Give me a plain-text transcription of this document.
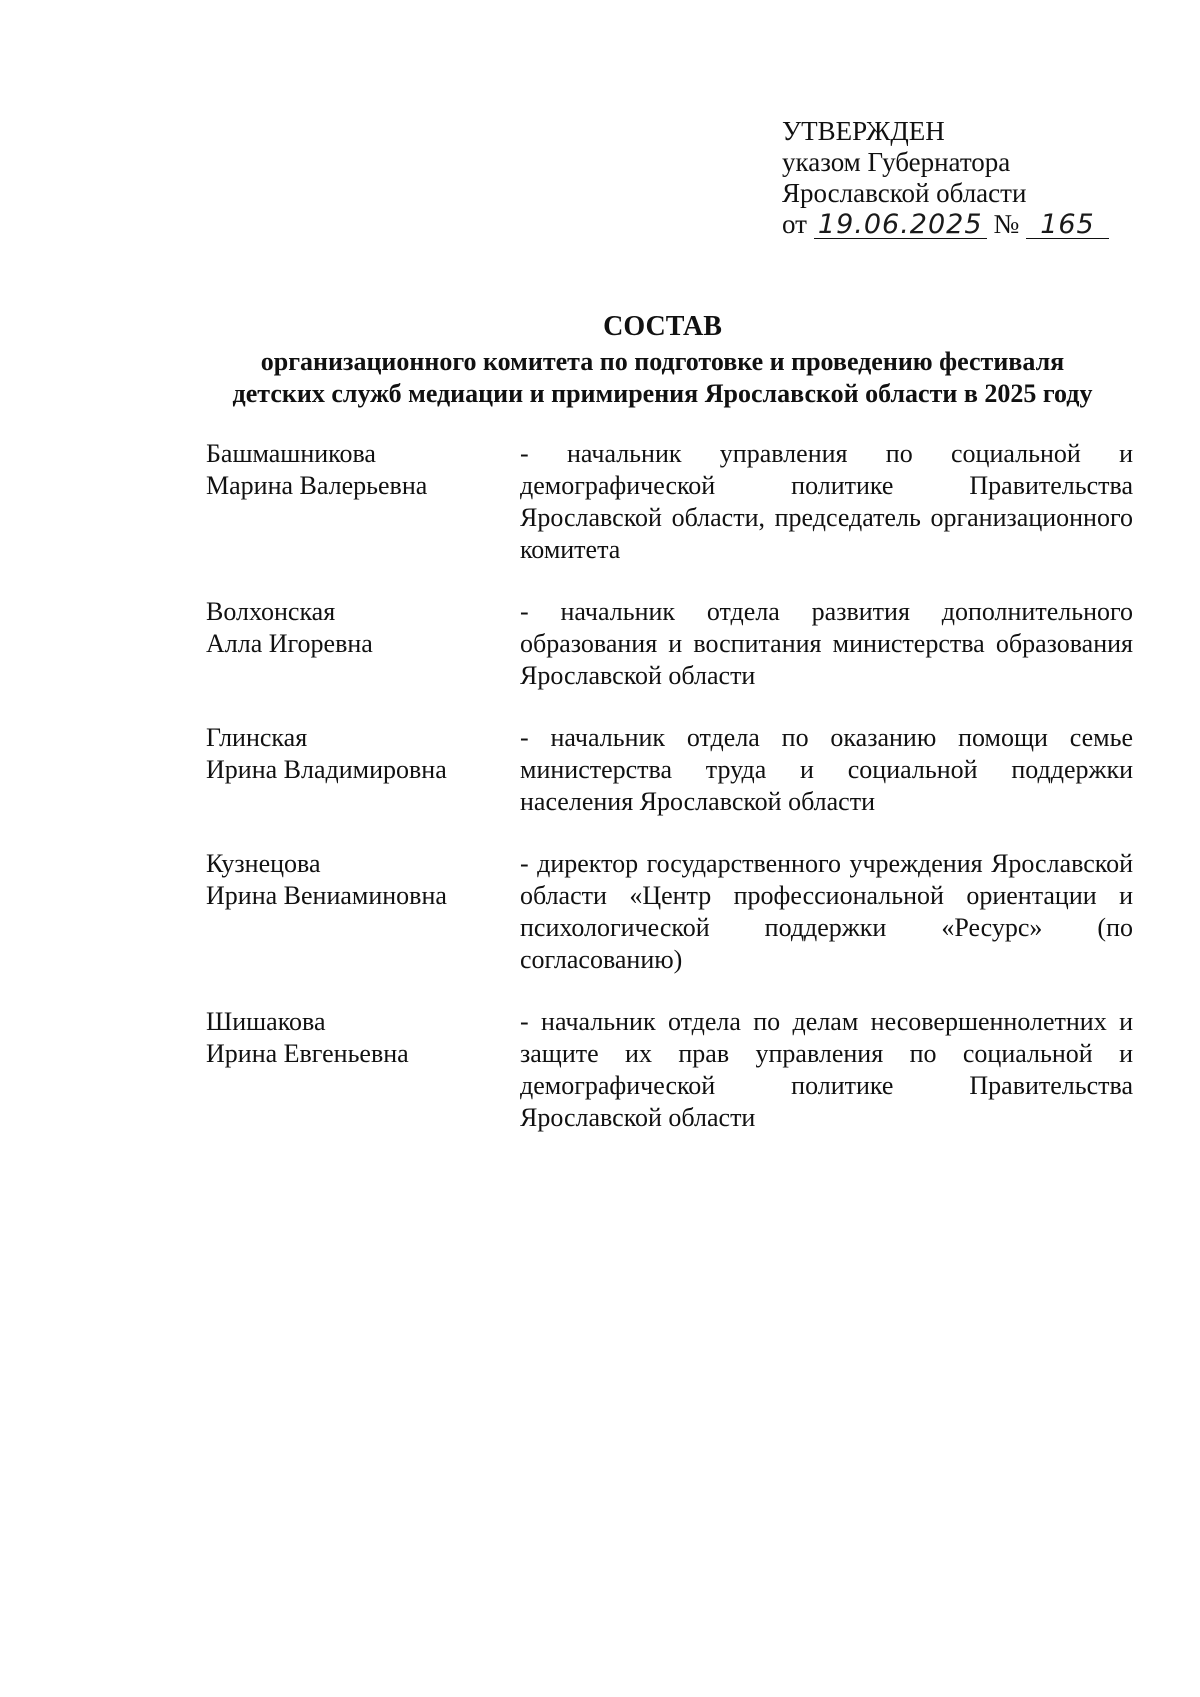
УТВЕРЖДЕН
указом Губернатора
Ярославской области
от 19.06.2025 № 165
СОСТАВ
организационного комитета по подготовке и проведению фестиваля
детских служб медиации и примирения Ярославской области в 2025 году
Башмашникова
Марина Валерьевна
- начальник управления по социальной и демографической политике Правительства Ярославской области, председатель организационного комитета
Волхонская
Алла Игоревна
- начальник отдела развития дополнительного образования и воспитания министерства образования Ярославской области
Глинская
Ирина Владимировна
- начальник отдела по оказанию помощи семье министерства труда и социальной поддержки населения Ярославской области
Кузнецова
Ирина Вениаминовна
- директор государственного учреждения Ярославской области «Центр профессиональной ориентации и психологической поддержки «Ресурс» (по согласованию)
Шишакова
Ирина Евгеньевна
- начальник отдела по делам несовершеннолетних и защите их прав управления по социальной и демографической политике Правительства Ярославской области
